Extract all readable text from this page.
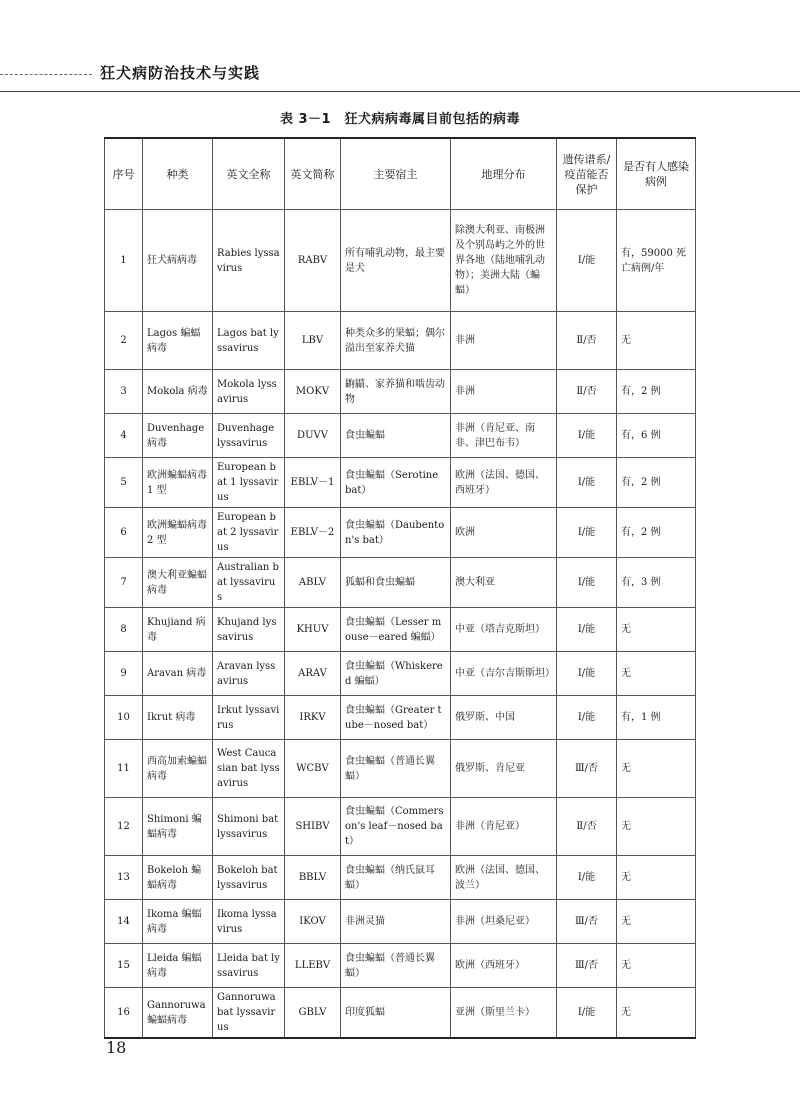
狂犬病防治技术与实践
表 3－1　狂犬病病毒属目前包括的病毒
序号	种类	英文全称	英文简称	主要宿主	地理分布	遗传谱系/疫苗能否保护	是否有人感染病例
1	狂犬病病毒	Rabies lyssavirus	RABV	所有哺乳动物，最主要是犬	除澳大利亚、南极洲及个别岛屿之外的世界各地（陆地哺乳动物）；美洲大陆（蝙蝠）	Ⅰ/能	有，59000 死亡病例/年
2	Lagos 蝙蝠病毒	Lagos bat lyssavirus	LBV	种类众多的果蝠；偶尔溢出至家养犬猫	非洲	Ⅱ/否	无
3	Mokola 病毒	Mokola lyssavirus	MOKV	鼩鼱、家养猫和啮齿动物	非洲	Ⅱ/否	有，2 例
4	Duvenhage 病毒	Duvenhage lyssavirus	DUVV	食虫蝙蝠	非洲（肯尼亚、南非、津巴布韦）	Ⅰ/能	有，6 例
5	欧洲蝙蝠病毒 1 型	European bat 1 lyssavirus	EBLV－1	食虫蝙蝠（Serotine bat）	欧洲（法国、德国、西班牙）	Ⅰ/能	有，2 例
6	欧洲蝙蝠病毒 2 型	European bat 2 lyssavirus	EBLV－2	食虫蝙蝠（Daubenton's bat）	欧洲	Ⅰ/能	有，2 例
7	澳大利亚蝙蝠病毒	Australian bat lyssavirus	ABLV	狐蝠和食虫蝙蝠	澳大利亚	Ⅰ/能	有，3 例
8	Khujiand 病毒	Khujand lyssavirus	KHUV	食虫蝙蝠（Lesser mouse－eared 蝙蝠）	中亚（塔吉克斯坦）	Ⅰ/能	无
9	Aravan 病毒	Aravan lyssavirus	ARAV	食虫蝙蝠（Whiskered 蝙蝠）	中亚（吉尔吉斯斯坦）	Ⅰ/能	无
10	Ikrut 病毒	Irkut lyssavirus	IRKV	食虫蝙蝠（Greater tube－nosed bat）	俄罗斯、中国	Ⅰ/能	有，1 例
11	西高加索蝙蝠病毒	West Caucasian bat lyssavirus	WCBV	食虫蝙蝠（普通长翼蝠）	俄罗斯、肯尼亚	Ⅲ/否	无
12	Shimoni 蝙蝠病毒	Shimoni bat lyssavirus	SHIBV	食虫蝙蝠（Commerson's leaf－nosed bat）	非洲（肯尼亚）	Ⅱ/否	无
13	Bokeloh 蝙蝠病毒	Bokeloh bat lyssavirus	BBLV	食虫蝙蝠（纳氏鼠耳蝠）	欧洲（法国、德国、波兰）	Ⅰ/能	无
14	Ikoma 蝙蝠病毒	Ikoma lyssavirus	IKOV	非洲灵猫	非洲（坦桑尼亚）	Ⅲ/否	无
15	Lleida 蝙蝠病毒	Lleida bat lyssavirus	LLEBV	食虫蝙蝠（普通长翼蝠）	欧洲（西班牙）	Ⅲ/否	无
16	Gannoruwa 蝙蝠病毒	Gannoruwa bat lyssavirus	GBLV	印度狐蝠	亚洲（斯里兰卡）	Ⅰ/能	无
18
